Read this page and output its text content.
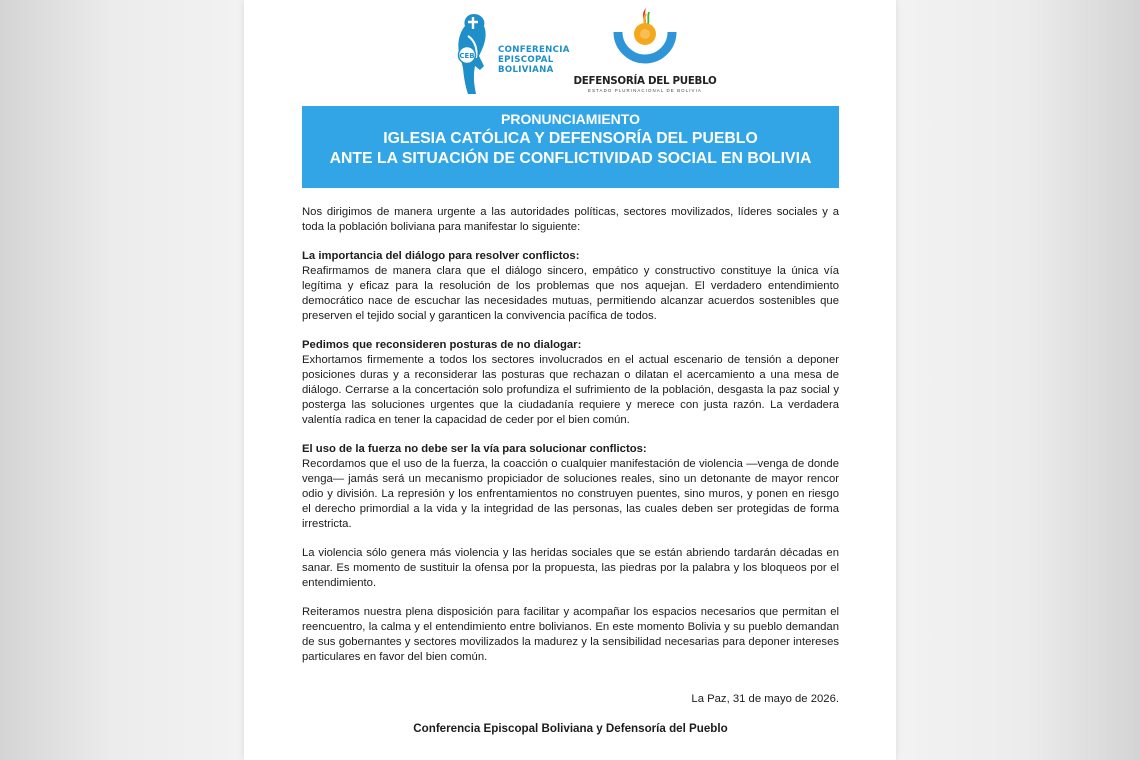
CEB
CONFERENCIA
EPISCOPAL
BOLIVIANA
DEFENSORÍA DEL PUEBLO
ESTADO PLURINACIONAL DE BOLIVIA
PRONUNCIAMIENTO
IGLESIA CATÓLICA Y DEFENSORÍA DEL PUEBLO
ANTE LA SITUACIÓN DE CONFLICTIVIDAD SOCIAL EN BOLIVIA

Nos dirigimos de manera urgente a las autoridades políticas, sectores movilizados, líderes sociales y a toda la población boliviana para manifestar lo siguiente:

La importancia del diálogo para resolver conflictos:

Reafirmamos de manera clara que el diálogo sincero, empático y constructivo constituye la única vía legítima y eficaz para la resolución de los problemas que nos aquejan. El verdadero entendimiento democrático nace de escuchar las necesidades mutuas, permitiendo alcanzar acuerdos sostenibles que preserven el tejido social y garanticen la convivencia pacífica de todos.

Pedimos que reconsideren posturas de no dialogar:

Exhortamos firmemente a todos los sectores involucrados en el actual escenario de tensión a deponer posiciones duras y a reconsiderar las posturas que rechazan o dilatan el acercamiento a una mesa de diálogo. Cerrarse a la concertación solo profundiza el sufrimiento de la población, desgasta la paz social y posterga las soluciones urgentes que la ciudadanía requiere y merece con justa razón. La verdadera valentía radica en tener la capacidad de ceder por el bien común.

El uso de la fuerza no debe ser la vía para solucionar conflictos:

Recordamos que el uso de la fuerza, la coacción o cualquier manifestación de violencia —venga de donde venga— jamás será un mecanismo propiciador de soluciones reales, sino un detonante de mayor rencor odio y división. La represión y los enfrentamientos no construyen puentes, sino muros, y ponen en riesgo el derecho primordial a la vida y la integridad de las personas, las cuales deben ser protegidas de forma irrestricta.

La violencia sólo genera más violencia y las heridas sociales que se están abriendo tardarán décadas en sanar. Es momento de sustituir la ofensa por la propuesta, las piedras por la palabra y los bloqueos por el entendimiento.

Reiteramos nuestra plena disposición para facilitar y acompañar los espacios necesarios que permitan el reencuentro, la calma y el entendimiento entre bolivianos. En este momento Bolivia y su pueblo demandan de sus gobernantes y sectores movilizados la madurez y la sensibilidad necesarias para deponer intereses particulares en favor del bien común.

La Paz, 31 de mayo de 2026.
Conferencia Episcopal Boliviana y Defensoría del Pueblo
